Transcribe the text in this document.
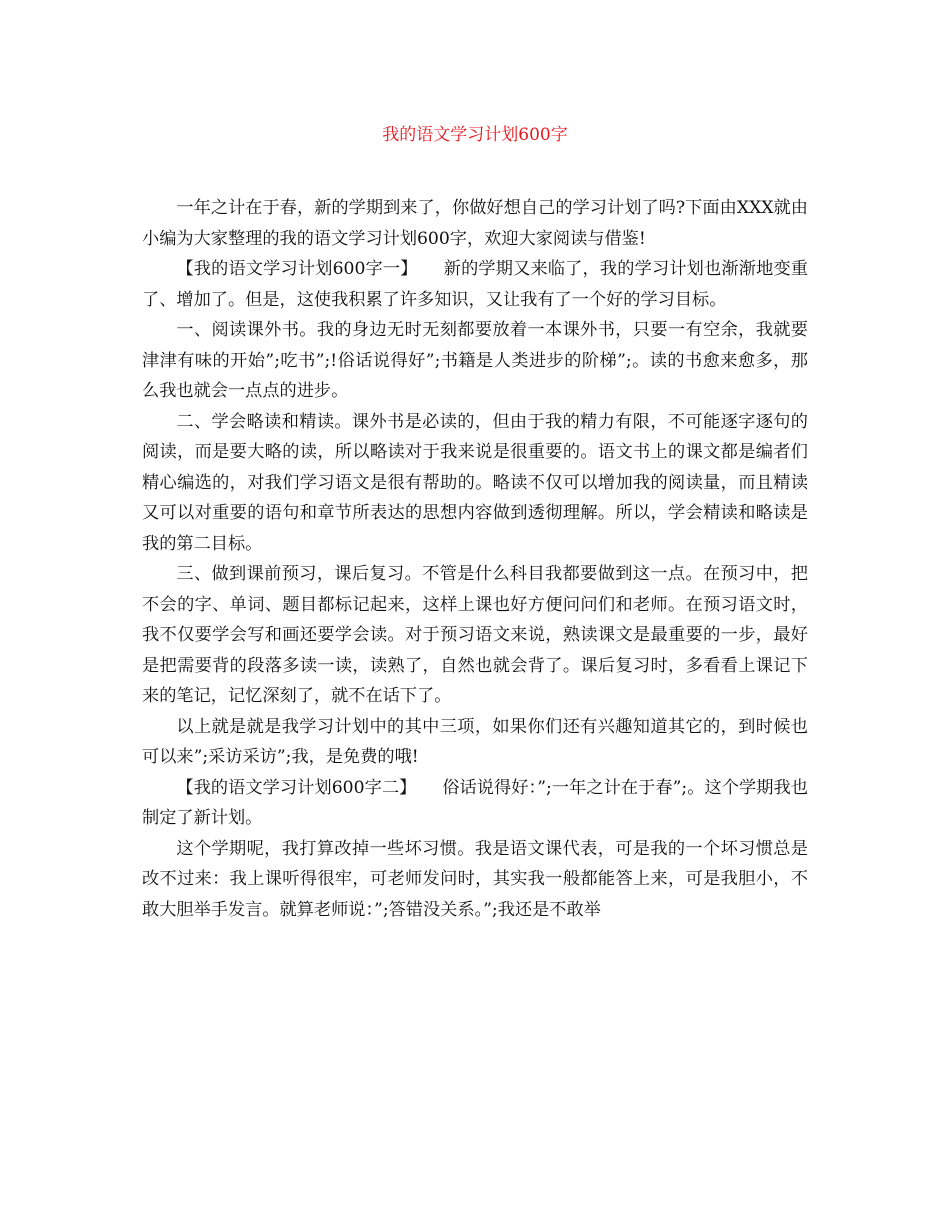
我的语文学习计划600字

一年之计在于春，新的学期到来了，你做好想自己的学习计划了吗?下面由XXX就由小编为大家整理的我的语文学习计划600字，欢迎大家阅读与借鉴!

【我的语文学习计划600字一】　　新的学期又来临了，我的学习计划也渐渐地变重了、增加了。但是，这使我积累了许多知识，又让我有了一个好的学习目标。

一、阅读课外书。我的身边无时无刻都要放着一本课外书，只要一有空余，我就要津津有味的开始”;吃书”;!俗话说得好”;书籍是人类进步的阶梯”;。读的书愈来愈多，那么我也就会一点点的进步。

二、学会略读和精读。课外书是必读的，但由于我的精力有限，不可能逐字逐句的阅读，而是要大略的读，所以略读对于我来说是很重要的。语文书上的课文都是编者们精心编选的，对我们学习语文是很有帮助的。略读不仅可以增加我的阅读量，而且精读又可以对重要的语句和章节所表达的思想内容做到透彻理解。所以，学会精读和略读是我的第二目标。

三、做到课前预习，课后复习。不管是什么科目我都要做到这一点。在预习中，把不会的字、单词、题目都标记起来，这样上课也好方便问问们和老师。在预习语文时，我不仅要学会写和画还要学会读。对于预习语文来说，熟读课文是最重要的一步，最好是把需要背的段落多读一读，读熟了，自然也就会背了。课后复习时，多看看上课记下来的笔记，记忆深刻了，就不在话下了。

以上就是就是我学习计划中的其中三项，如果你们还有兴趣知道其它的，到时候也可以来”;采访采访”;我，是免费的哦!

【我的语文学习计划600字二】　　俗话说得好：”;一年之计在于春”;。这个学期我也制定了新计划。

这个学期呢，我打算改掉一些坏习惯。我是语文课代表，可是我的一个坏习惯总是改不过来：我上课听得很牢，可老师发问时，其实我一般都能答上来，可是我胆小，不敢大胆举手发言。就算老师说：”;答错没关系。”;我还是不敢举
